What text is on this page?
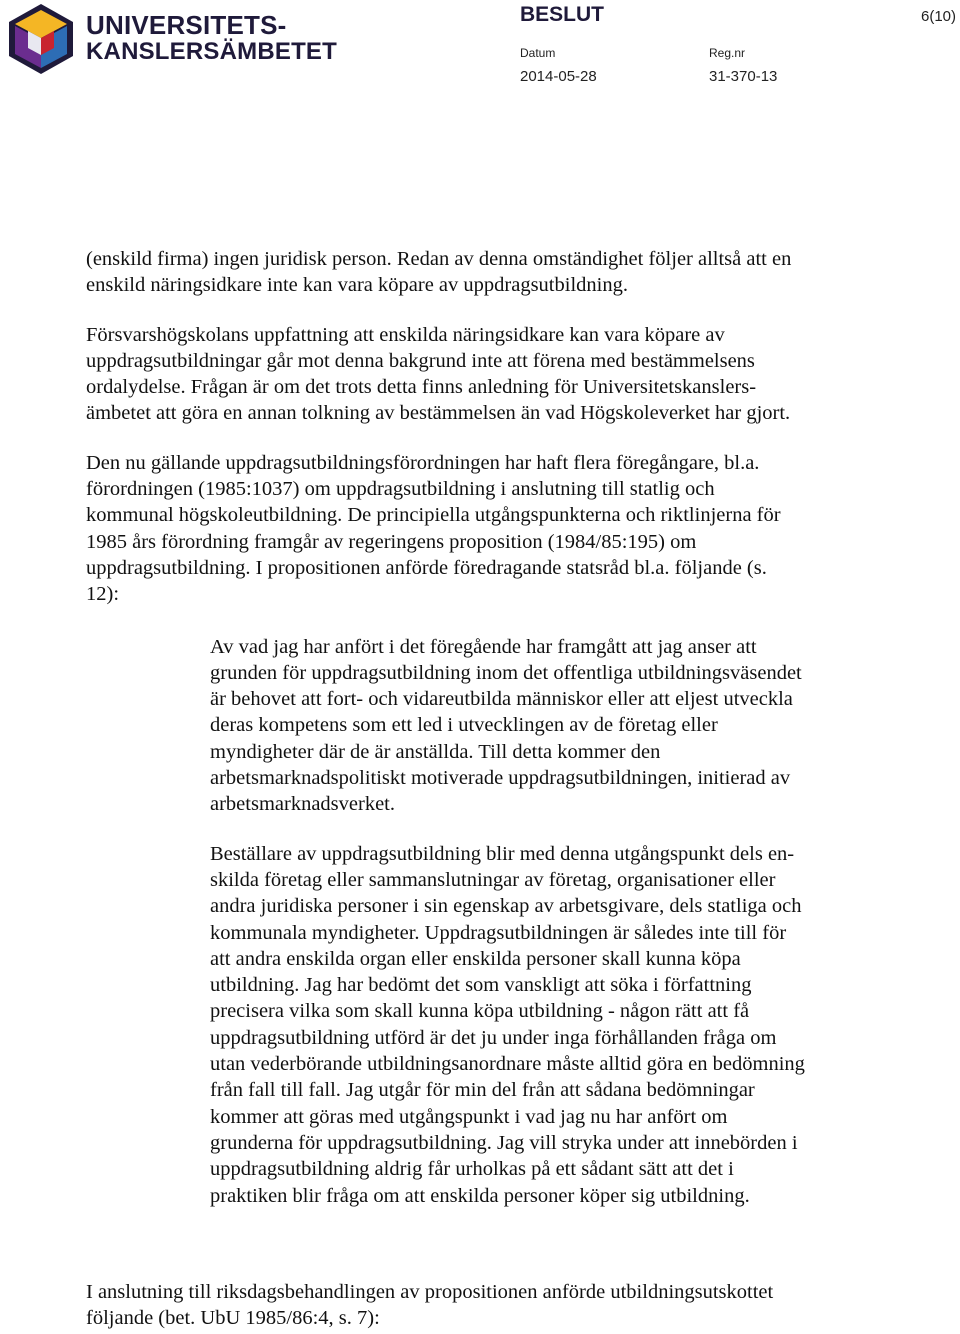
UNIVERSITETS-
KANSLERSÄMBETET
BESLUT	6(10)
Datum	Reg.nr
2014-05-28	31-370-13

(enskild firma) ingen juridisk person. Redan av denna omständighet följer alltså att en
enskild näringsidkare inte kan vara köpare av uppdragsutbildning.

Försvarshögskolans uppfattning att enskilda näringsidkare kan vara köpare av
uppdragsutbildningar går mot denna bakgrund inte att förena med bestämmelsens
ordalydelse. Frågan är om det trots detta finns anledning för Universitetskanslers-
ämbetet att göra en annan tolkning av bestämmelsen än vad Högskoleverket har gjort.

Den nu gällande uppdragsutbildningsförordningen har haft flera föregångare, bl.a.
förordningen (1985:1037) om uppdragsutbildning i anslutning till statlig och
kommunal högskoleutbildning. De principiella utgångspunkterna och riktlinjerna för
1985 års förordning framgår av regeringens proposition (1984/85:195) om
uppdragsutbildning. I propositionen anförde föredragande statsråd bl.a. följande (s.
12):

Av vad jag har anfört i det föregående har framgått att jag anser att
grunden för uppdragsutbildning inom det offentliga utbildningsväsendet
är behovet att fort- och vidareutbilda människor eller att eljest utveckla
deras kompetens som ett led i utvecklingen av de företag eller
myndigheter där de är anställda. Till detta kommer den
arbetsmarknadspolitiskt motiverade uppdragsutbildningen, initierad av
arbetsmarknadsverket.

Beställare av uppdragsutbildning blir med denna utgångspunkt dels en-
skilda företag eller sammanslutningar av företag, organisationer eller
andra juridiska personer i sin egenskap av arbetsgivare, dels statliga och
kommunala myndigheter. Uppdragsutbildningen är således inte till för
att andra enskilda organ eller enskilda personer skall kunna köpa
utbildning. Jag har bedömt det som vanskligt att söka i författning
precisera vilka som skall kunna köpa utbildning - någon rätt att få
uppdragsutbildning utförd är det ju under inga förhållanden fråga om
utan vederbörande utbildningsanordnare måste alltid göra en bedömning
från fall till fall. Jag utgår för min del från att sådana bedömningar
kommer att göras med utgångspunkt i vad jag nu har anfört om
grunderna för uppdragsutbildning. Jag vill stryka under att innebörden i
uppdragsutbildning aldrig får urholkas på ett sådant sätt att det i
praktiken blir fråga om att enskilda personer köper sig utbildning.

I anslutning till riksdagsbehandlingen av propositionen anförde utbildningsutskottet
följande (bet. UbU 1985/86:4, s. 7):
